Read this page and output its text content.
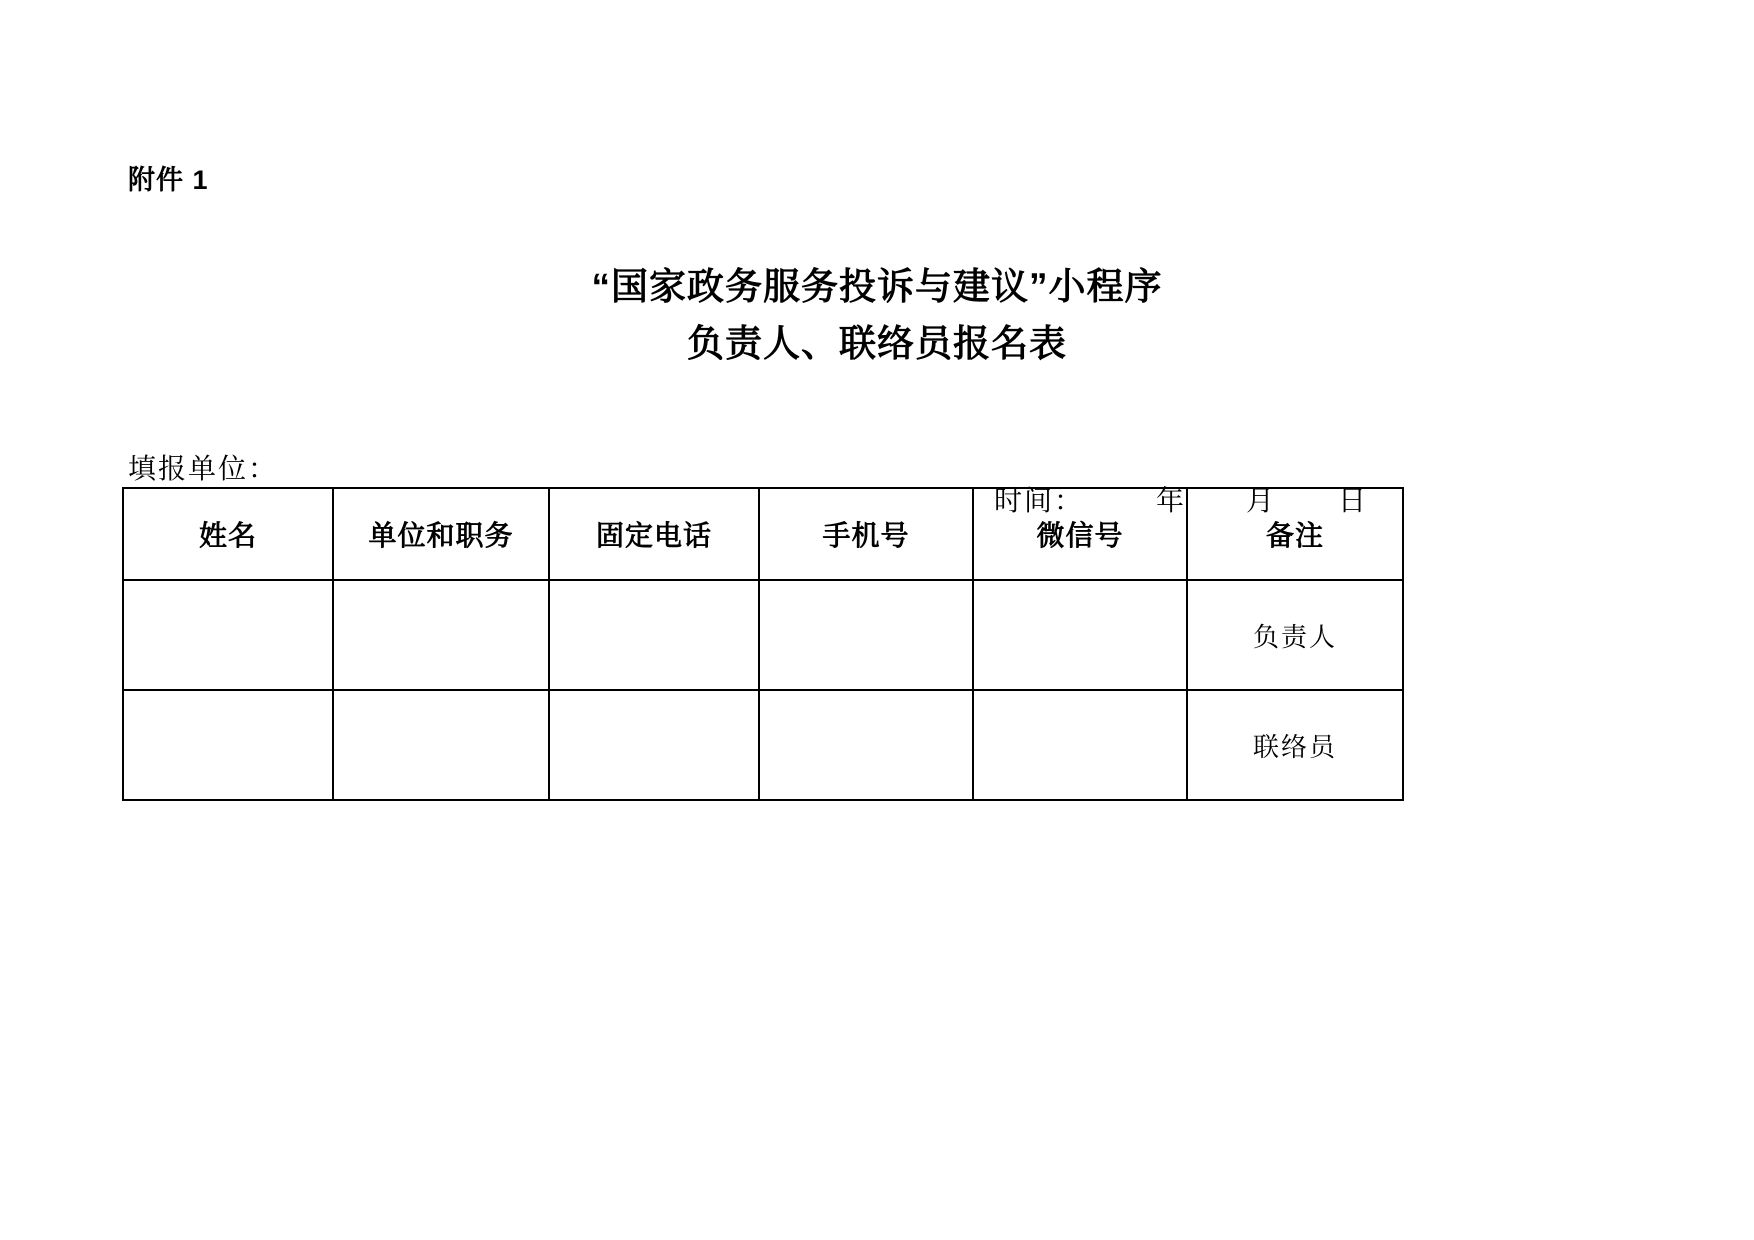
附件 1
“国家政务服务投诉与建议”小程序
负责人、联络员报名表
填报单位：

时间：	年 月 日

姓名	单位和职务	固定电话	手机号	微信号	备注
					负责人
					联络员
